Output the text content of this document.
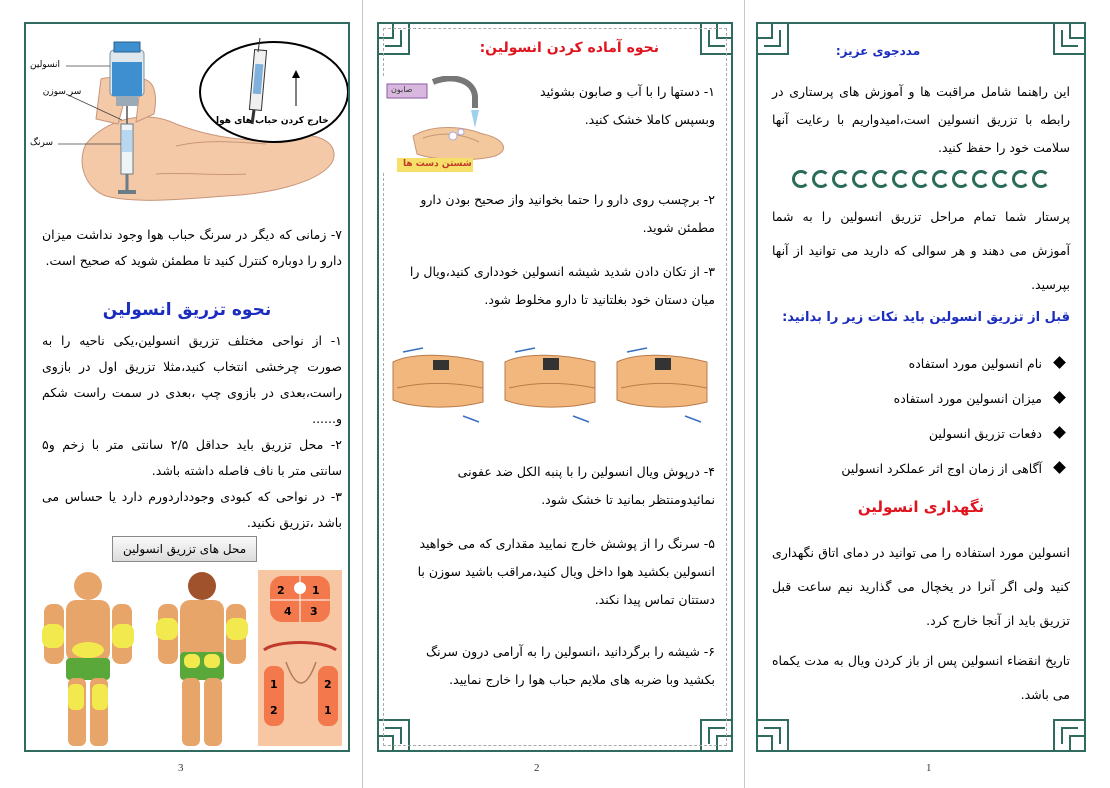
انسولین
سر سوزن
سرنگ
خارج کردن حباب های هوا
۷- زمانی که دیگر در سرنگ حباب هوا وجود نداشت میزان دارو را دوباره کنترل کنید تا مطمئن شوید که صحیح است.
نحوه تزریق انسولین
۱- از نواحی مختلف تزریق انسولین،یکی ناحیه را به صورت چرخشی انتخاب کنید،مثلا تزریق اول در بازوی راست،بعدی در بازوی چپ ،بعدی در سمت راست شکم و......
۲- محل تزریق باید حداقل ۲/۵ سانتی متر با زخم و۵ سانتی متر با ناف فاصله داشته باشد.
۳- در نواحی که کبودی وجودداردورم دارد یا حساس می باشد ،تزریق نکنید.
محل های تزریق انسولین
2 1
4 3
1
2
2
1
3
نحوه آماده کردن انسولین:
صابون
شستن دست ها
۱- دستها را با آب و صابون بشوئید وبسپس کاملا خشک کنید.
۲- برچسب روی دارو را حتما بخوانید واز صحیح بودن دارو مطمئن شوید.
۳- از تکان دادن شدید شیشه انسولین خودداری کنید،ویال را میان دستان خود بغلتانید تا دارو مخلوط شود.
۴- درپوش ویال انسولین را با پنبه الکل ضد عفونی نمائیدومنتظر بمانید تا خشک شود.
۵- سرنگ را از پوشش خارج نمایید مقداری که می خواهید انسولین بکشید هوا داخل ویال کنید،مراقب باشید سوزن با دستتان تماس پیدا نکند.
۶- شیشه را برگردانید ،انسولین را به آرامی درون سرنگ بکشید وبا ضربه های ملایم حباب هوا را خارج نمایید.
2
مددجوی عزیز:
این راهنما شامل مراقبت ها و آموزش های پرستاری در رابطه با تزریق انسولین است،امیدواریم با رعایت آنها سلامت خود را حفظ کنید.
پرستار شما تمام مراحل تزریق انسولین را به شما آموزش می دهند و هر سوالی که دارید می توانید از آنها بپرسید.
قبل از تزریق انسولین باید نکات زیر را بدانید:
نام انسولین مورد استفاده
میزان انسولین مورد استفاده
دفعات تزریق انسولین
آگاهی از زمان اوج اثر عملکرد انسولین
نگهداری انسولین
انسولین مورد استفاده را می توانید در دمای اتاق نگهداری کنید ولی اگر آنرا در یخچال می گذارید نیم ساعت قبل تزریق باید از آنجا خارج کرد.
تاریخ انقضاء انسولین پس از باز کردن ویال به مدت یکماه می باشد.
1
